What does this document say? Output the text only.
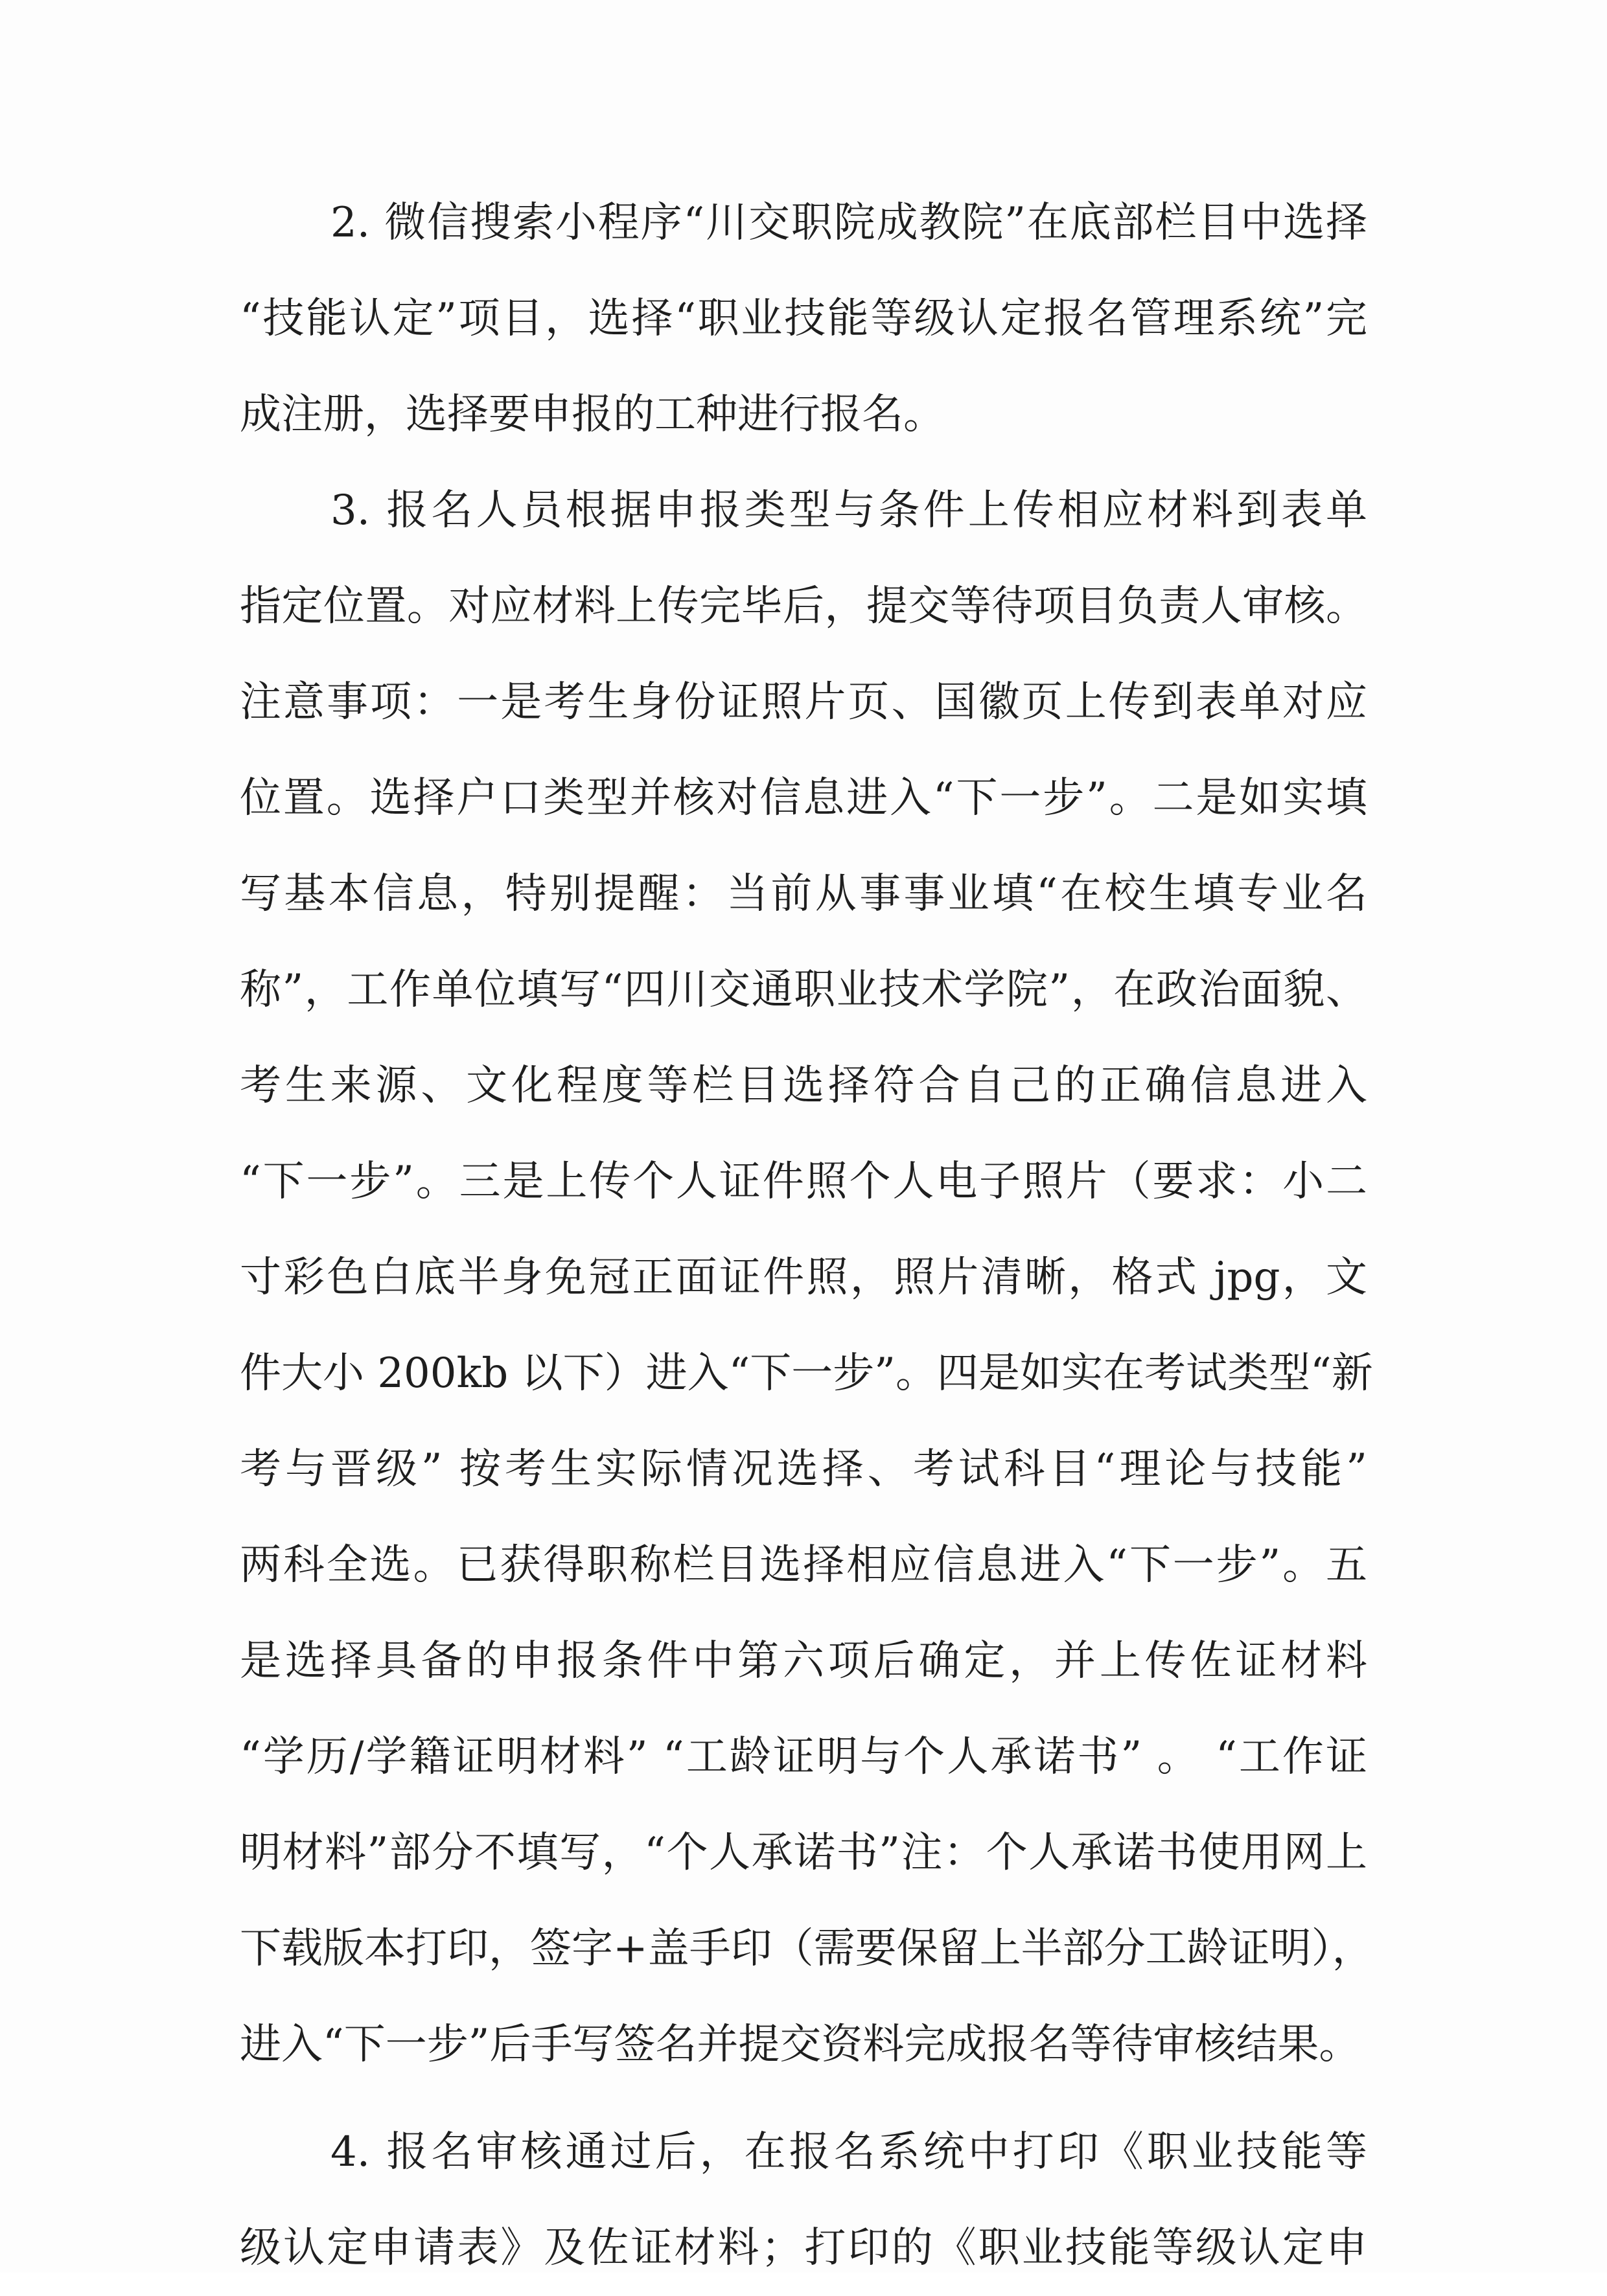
2. 微信搜索小程序“川交职院成教院”在底部栏目中选择
“技能认定”项目，选择“职业技能等级认定报名管理系统”完
成注册，选择要申报的工种进行报名。
3. 报名人员根据申报类型与条件上传相应材料到表单
指定位置。对应材料上传完毕后，提交等待项目负责人审核。
注意事项：一是考生身份证照片页、国徽页上传到表单对应
位置。选择户口类型并核对信息进入“下一步”。二是如实填
写基本信息，特别提醒：当前从事事业填“在校生填专业名
称”，工作单位填写“四川交通职业技术学院”，在政治面貌、
考生来源、文化程度等栏目选择符合自己的正确信息进入
“下一步”。三是上传个人证件照个人电子照片（要求：小二
寸彩色白底半身免冠正面证件照，照片清晰，格式 jpg，文
件大小 200kb 以下）进入“下一步”。四是如实在考试类型“新
考与晋级” 按考生实际情况选择、考试科目“理论与技能”
两科全选。已获得职称栏目选择相应信息进入“下一步”。五
是选择具备的申报条件中第六项后确定，并上传佐证材料
“学历/学籍证明材料” “工龄证明与个人承诺书” 。 “工作证
明材料”部分不填写，“个人承诺书”注：个人承诺书使用网上
下载版本打印，签字+盖手印（需要保留上半部分工龄证明），
进入“下一步”后手写签名并提交资料完成报名等待审核结果。
4. 报名审核通过后，在报名系统中打印《职业技能等
级认定申请表》及佐证材料；打印的《职业技能等级认定申
